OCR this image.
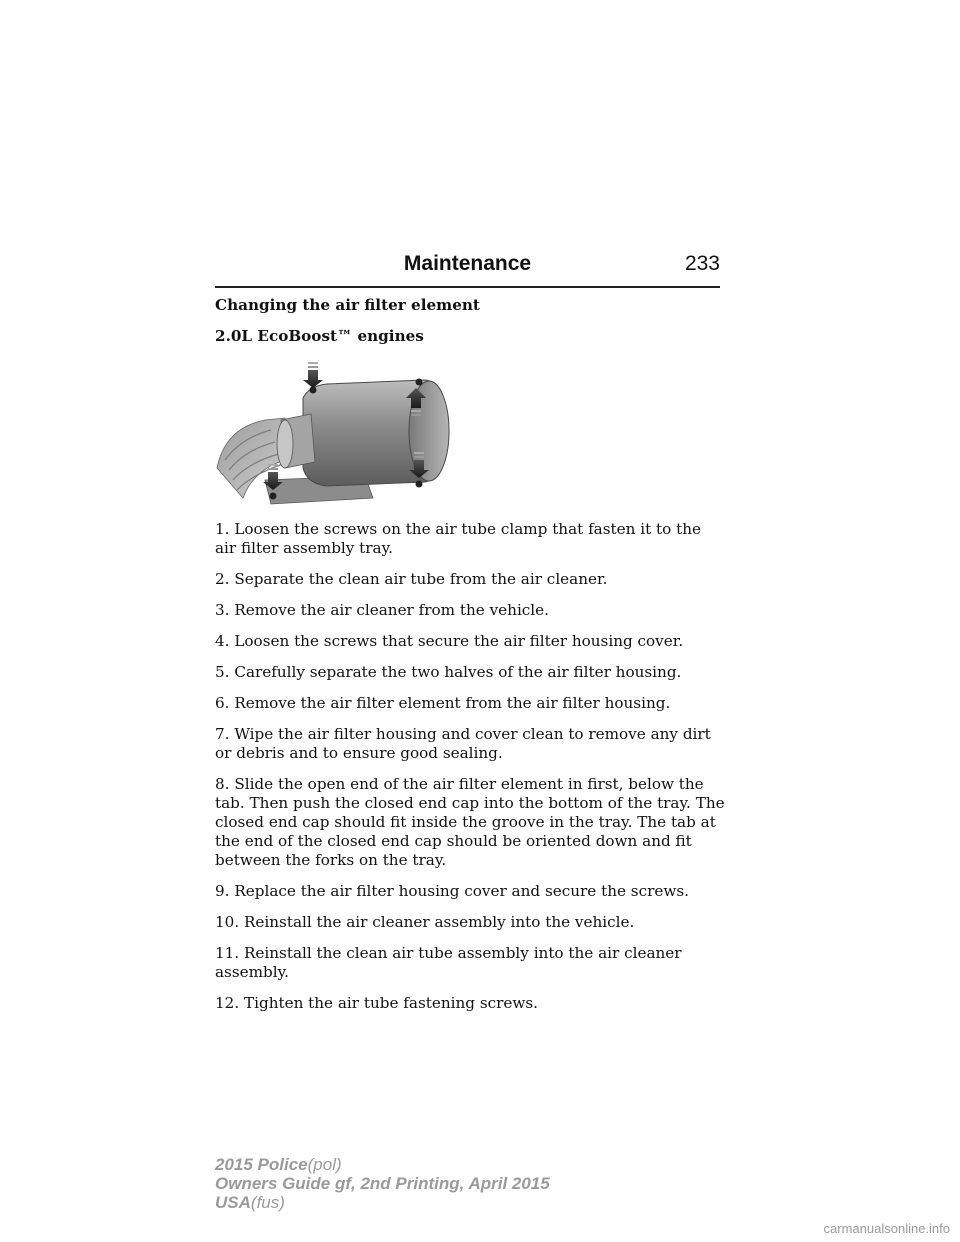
Maintenance	233

Changing the air filter element

2.0L EcoBoost™ engines

1. Loosen the screws on the air tube clamp that fasten it to the air filter assembly tray.

2. Separate the clean air tube from the air cleaner.

3. Remove the air cleaner from the vehicle.

4. Loosen the screws that secure the air filter housing cover.

5. Carefully separate the two halves of the air filter housing.

6. Remove the air filter element from the air filter housing.

7. Wipe the air filter housing and cover clean to remove any dirt or debris and to ensure good sealing.

8. Slide the open end of the air filter element in first, below the tab. Then push the closed end cap into the bottom of the tray. The closed end cap should fit inside the groove in the tray. The tab at the end of the closed end cap should be oriented down and fit between the forks on the tray.

9. Replace the air filter housing cover and secure the screws.

10. Reinstall the air cleaner assembly into the vehicle.

11. Reinstall the clean air tube assembly into the air cleaner assembly.

12. Tighten the air tube fastening screws.

2015 Police(pol)
Owners Guide gf, 2nd Printing, April 2015
USA(fus)
carmanualsonline.info
